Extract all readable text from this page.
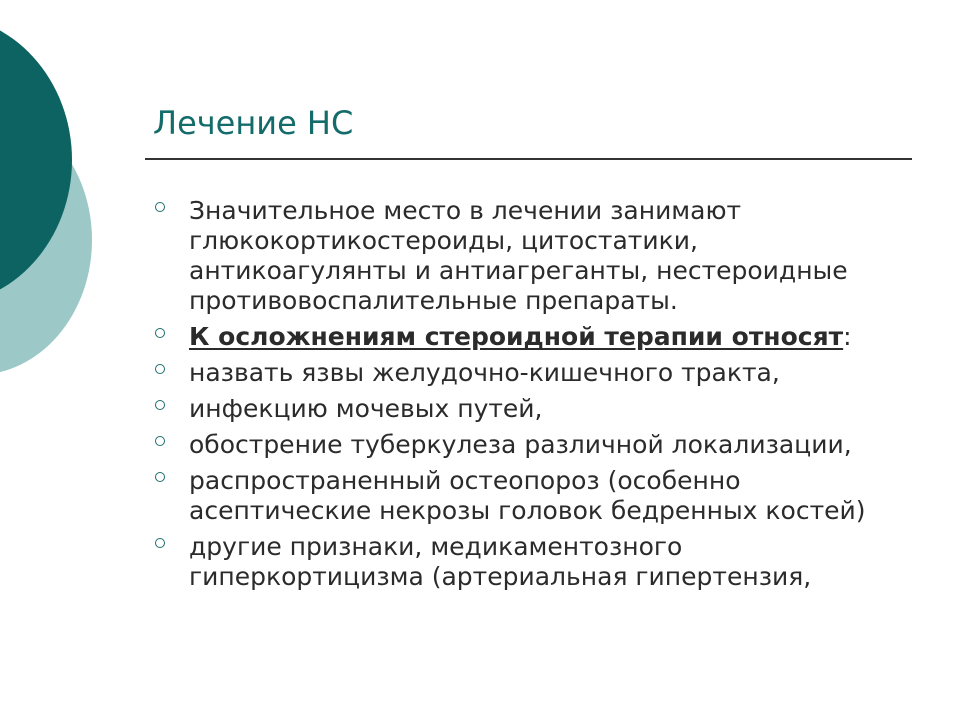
Лечение НС
Значительное место в лечении занимают глюкокортикостероиды, цитостатики, антикоагулянты и антиагреганты, нестероидные противовоспалительные препараты.
К осложнениям стероидной терапии относят:
назвать язвы желудочно-кишечного тракта,
инфекцию мочевых путей,
обострение туберкулеза различной локализации,
распространенный остеопороз (особенно асептические некрозы головок бедренных костей)
другие признаки, медикаментозного гиперкортицизма (артериальная гипертензия,
